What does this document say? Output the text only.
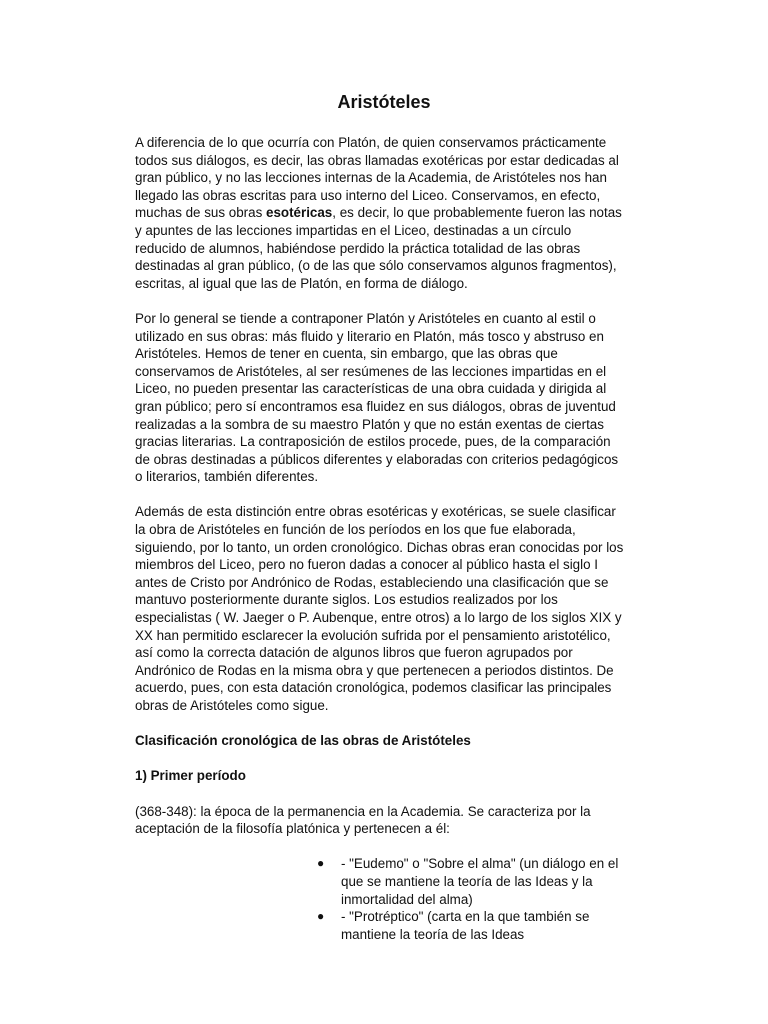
Aristóteles

A diferencia de lo que ocurría con Platón, de quien conservamos prácticamente todos sus diálogos, es decir, las obras llamadas exotéricas por estar dedicadas al gran público, y no las lecciones internas de la Academia, de Aristóteles nos han llegado las obras escritas para uso interno del Liceo. Conservamos, en efecto, muchas de sus obras esotéricas, es decir, lo que probablemente fueron las notas y apuntes de las lecciones impartidas en el Liceo, destinadas a un círculo reducido de alumnos, habiéndose perdido la práctica totalidad de las obras destinadas al gran público, (o de las que sólo conservamos algunos fragmentos), escritas, al igual que las de Platón, en forma de diálogo.

Por lo general se tiende a contraponer Platón y Aristóteles en cuanto al estil o utilizado en sus obras: más fluido y literario en Platón, más tosco y abstruso en Aristóteles. Hemos de tener en cuenta, sin embargo, que las obras que conservamos de Aristóteles, al ser resúmenes de las lecciones impartidas en el Liceo, no pueden presentar las características de una obra cuidada y dirigida al gran público; pero sí encontramos esa fluidez en sus diálogos, obras de juventud realizadas a la sombra de su maestro Platón y que no están exentas de ciertas gracias literarias. La contraposición de estilos procede, pues, de la comparación de obras destinadas a públicos diferentes y elaboradas con criterios pedagógicos o literarios, también diferentes.

Además de esta distinción entre obras esotéricas y exotéricas, se suele clasificar la obra de Aristóteles en función de los períodos en los que fue elaborada, siguiendo, por lo tanto, un orden cronológico. Dichas obras eran conocidas por los miembros del Liceo, pero no fueron dadas a conocer al público hasta el siglo I antes de Cristo por Andrónico de Rodas, estableciendo una clasificación que se mantuvo posteriormente durante siglos. Los estudios realizados por los especialistas ( W. Jaeger o P. Aubenque, entre otros) a lo largo de los siglos XIX y XX han permitido esclarecer la evolución sufrida por el pensamiento aristotélico, así como la correcta datación de algunos libros que fueron agrupados por Andrónico de Rodas en la misma obra y que pertenecen a periodos distintos. De acuerdo, pues, con esta datación cronológica, podemos clasificar las principales obras de Aristóteles como sigue.

Clasificación cronológica de las obras de Aristóteles
1) Primer período

(368-348): la época de la permanencia en la Academia. Se caracteriza por la aceptación de la filosofía platónica y pertenecen a él:

● - "Eudemo" o "Sobre el alma" (un diálogo en el que se mantiene la teoría de las Ideas y la inmortalidad del alma)
● - "Protréptico" (carta en la que también se mantiene la teoría de las Ideas
